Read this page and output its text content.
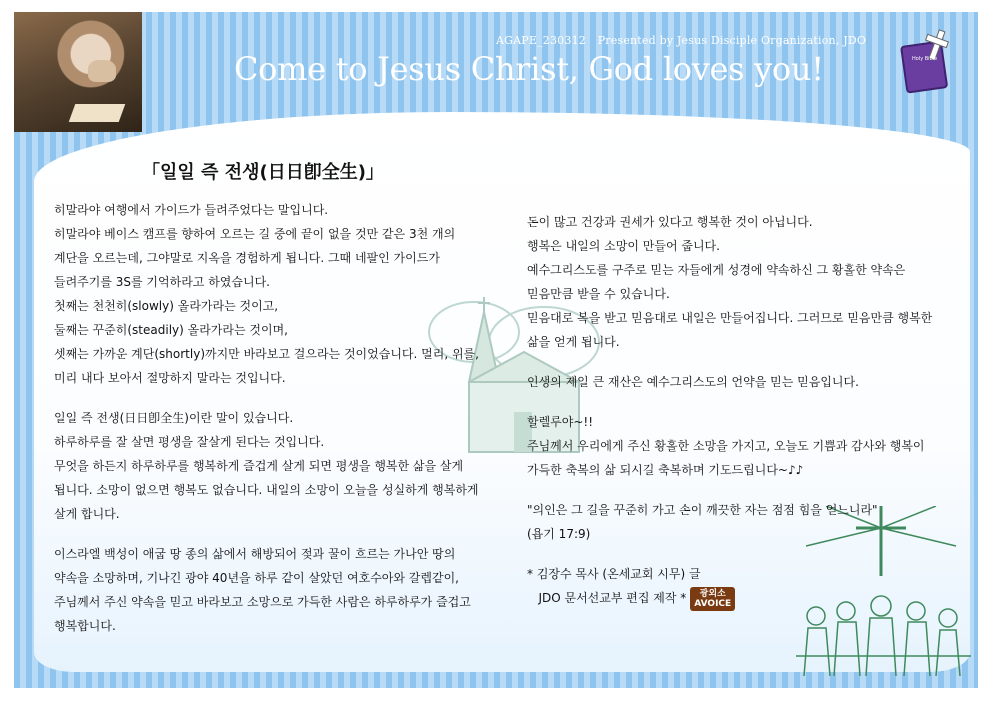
AGAPE_230312 Presented by Jesus Disciple Organization, JDO
Come to Jesus Christ, God loves you!	Holy Bible
「일일 즉 전생(日日卽全生)」

히말라야 여행에서 가이드가 들려주었다는 말입니다.

히말라야 베이스 캠프를 향하여 오르는 길 중에 끝이 없을 것만 같은 3천 개의

계단을 오르는데, 그야말로 지옥을 경험하게 됩니다. 그때 네팔인 가이드가

들려주기를 3S를 기억하라고 하였습니다.

첫째는 천천히(slowly) 올라가라는 것이고,

둘째는 꾸준히(steadily) 올라가라는 것이며,

셋째는 가까운 계단(shortly)까지만 바라보고 걸으라는 것이었습니다. 멀리, 위를,

미리 내다 보아서 절망하지 말라는 것입니다.

일일 즉 전생(日日卽全生)이란 말이 있습니다.

하루하루를 잘 살면 평생을 잘살게 된다는 것입니다.

무엇을 하든지 하루하루를 행복하게 즐겁게 살게 되면 평생을 행복한 삶을 살게

됩니다. 소망이 없으면 행복도 없습니다. 내일의 소망이 오늘을 성실하게 행복하게

살게 합니다.

이스라엘 백성이 애굽 땅 종의 삶에서 해방되어 젖과 꿀이 흐르는 가나안 땅의

약속을 소망하며, 기나긴 광야 40년을 하루 같이 살았던 여호수아와 갈렙같이,

주님께서 주신 약속을 믿고 바라보고 소망으로 가득한 사람은 하루하루가 즐겁고

행복합니다.

돈이 많고 건강과 권세가 있다고 행복한 것이 아닙니다.

행복은 내일의 소망이 만들어 줍니다.

예수그리스도를 구주로 믿는 자들에게 성경에 약속하신 그 황홀한 약속은

믿음만큼 받을 수 있습니다.

믿음대로 복을 받고 믿음대로 내일은 만들어집니다. 그러므로 믿음만큼 행복한

삶을 얻게 됩니다.

인생의 제일 큰 재산은 예수그리스도의 언약을 믿는 믿음입니다.

할렐루야~!!

주님께서 우리에게 주신 황홀한 소망을 가지고, 오늘도 기쁨과 감사와 행복이

가득한 축복의 삶 되시길 축복하며 기도드립니다~♪♪

"의인은 그 길을 꾸준히 가고 손이 깨끗한 자는 점점 힘을 얻느니라"

(욥기 17:9)

* 김장수 목사 (온세교회 시무) 글

JDO 문서선교부 편집 제작 *	광외소
AVOICE
